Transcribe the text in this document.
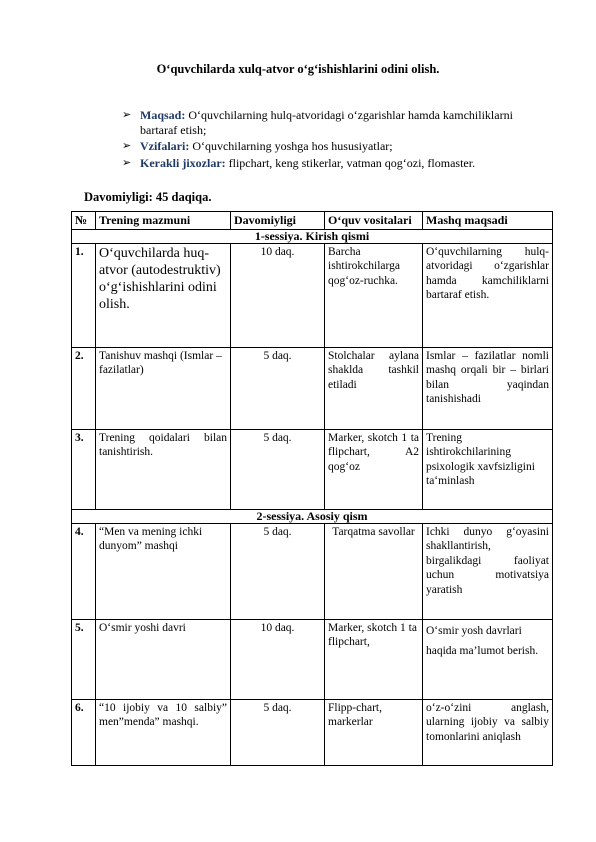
O‘quvchilarda xulq-atvor o‘g‘ishishlarini odini olish.
➢ Maqsad: O‘quvchilarning hulq-atvoridagi o‘zgarishlar hamda kamchiliklarni bartaraf etish;
➢ Vzifalari: O‘quvchilarning yoshga hos hususiyatlar;
➢ Kerakli jixozlar: flipchart, keng stikerlar, vatman qog‘ozi, flomaster.
Davomiyligi: 45 daqiqa.
№	Trening mazmuni	Davomiyligi	O‘quv vositalari	Mashq maqsadi
1-sessiya. Kirish qismi				
1.	O‘quvchilarda huq-atvor (autodestruktiv) o‘g‘ishishlarini odini olish.	10 daq.	Barcha ishtirokchilarga qog‘oz-ruchka.	O‘quvchilarning hulq-atvoridagi o‘zgarishlar hamda kamchiliklarni bartaraf etish.
2.	Tanishuv mashqi (Ismlar – fazilatlar)	5 daq.	Stolchalar aylana shaklda tashkil etiladi	Ismlar – fazilatlar nomli mashq orqali bir – birlari bilan yaqindan tanishishadi
3.	Trening qoidalari bilan tanishtirish.	5 daq.	Marker, skotch 1 ta flipchart, A2 qog‘oz	Trening ishtirokchilarining psixologik xavfsizligini ta‘minlash
2-sessiya. Asosiy qism				
4.	“Men va mening ichki dunyom” mashqi	5 daq.	Tarqatma savollar	Ichki dunyo g‘oyasini shakllantirish, birgalikdagi faoliyat uchun motivatsiya yaratish
5.	O‘smir yoshi davri	10 daq.	Marker, skotch 1 ta flipchart,	O‘smir yosh davrlari haqida ma’lumot berish.
6.	“10 ijobiy va 10 salbiy” men”menda” mashqi.	5 daq.	Flipp-chart, markerlar	o‘z-o‘zini anglash, ularning ijobiy va salbiy tomonlarini aniqlash
